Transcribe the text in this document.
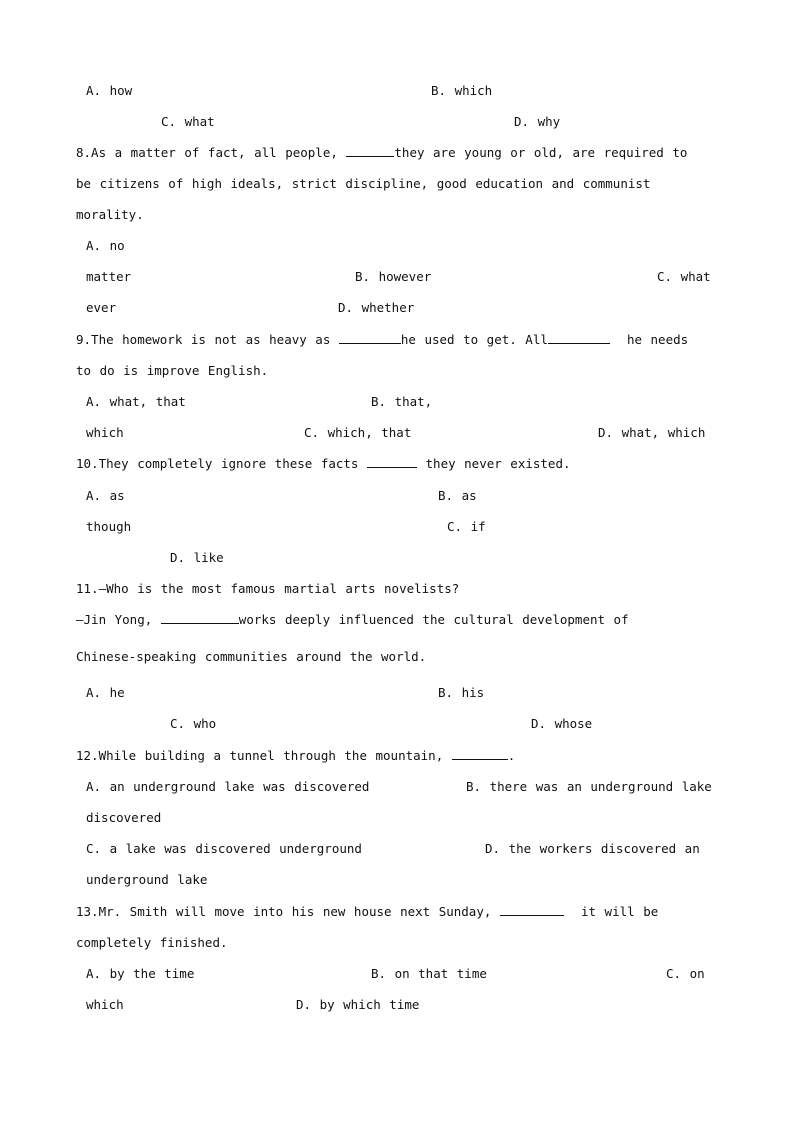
A. how	B. which
C. what	D. why
8.As a matter of fact, all people,	they are young or old, are required to
be citizens of high ideals, strict discipline, good education and communist
morality.
A. no
matter	B. however	C. what
ever	D. whether
9.The homework is not as heavy as	he used to get. All	he needs
to do is improve English.
A. what, that	B. that,
which	C. which, that	D. what, which
10.They completely ignore these facts	they never existed.
A. as	B. as
though	C. if
D. like
11.—Who is the most famous martial arts novelists?
—Jin Yong,	works deeply influenced the cultural development of
Chinese-speaking communities around the world.
A. he	B. his
C. who	D. whose
12.While building a tunnel through the mountain,	.
A. an underground lake was discovered	B. there was an underground lake
discovered
C. a lake was discovered underground	D. the workers discovered an
underground lake
13.Mr. Smith will move into his new house next Sunday,	it will be
completely finished.
A. by the time	B. on that time	C. on
which	D. by which time
